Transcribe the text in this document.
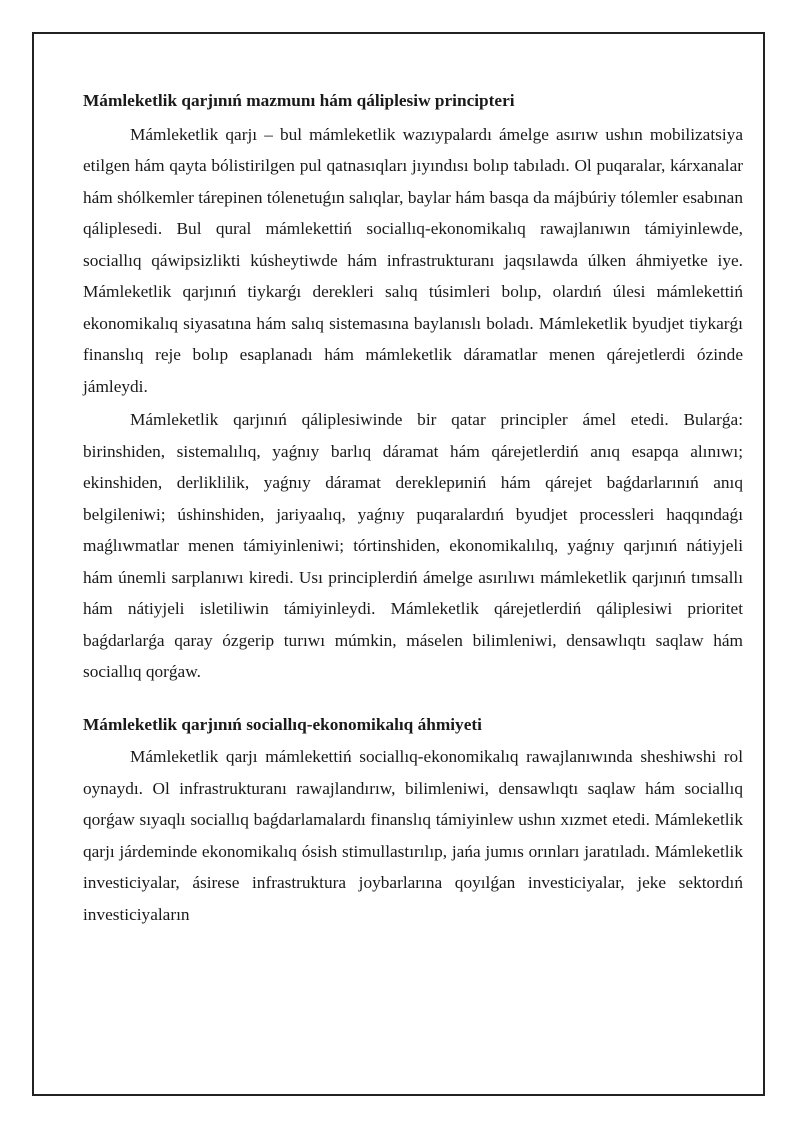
Mámleketlik qarjınıń mazmunı hám qáliplesiw principteri

Mámleketlik qarjı – bul mámleketlik wazıypalardı ámelge asırıw ushın mobilizatsiya etilgen hám qayta bólistirilgen pul qatnasıqları jıyındısı bolıp tabıladı. Ol puqaralar, kárxanalar hám shólkemler tárepinen tólenetuǵın salıqlar, baylar hám basqa da májbúriy tólemler esabınan qáliplesedi. Bul qural mámlekettiń sociallıq-ekonomikalıq rawajlanıwın támiyinlewde, sociallıq qáwipsizlikti kúsheytiwde hám infrastrukturanı jaqsılawda úlken áhmiyetke iye. Mámleketlik qarjınıń tiykarǵı derekleri salıq túsimleri bolıp, olardıń úlesi mámlekettiń ekonomikalıq siyasatına hám salıq sistemasına baylanıslı boladı. Mámleketlik byudjet tiykarǵı finanslıq reje bolıp esaplanadı hám mámleketlik dáramatlar menen qárejetlerdi ózinde jámleydi.

Mámleketlik qarjınıń qáliplesiwinde bir qatar principler ámel etedi. Bularǵa: birinshiden, sistemalılıq, yaǵnıy barlıq dáramat hám qárejetlerdiń anıq esapqa alınıwı; ekinshiden, derliklilik, yaǵnıy dáramat dereklериniń hám qárejet baǵdarlarınıń anıq belgileniwi; úshinshiden, jariyaalıq, yaǵnıy puqaralardıń byudjet processleri haqqındaǵı maǵlıwmatlar menen támiyinleniwi; tórtinshiden, ekonomikalılıq, yaǵnıy qarjınıń nátiyjeli hám únemli sarplanıwı kiredi. Usı principlerdiń ámelge asırılıwı mámleketlik qarjınıń tımsallı hám nátiyjeli isletiliwin támiyinleydi. Mámleketlik qárejetlerdiń qáliplesiwi prioritet baǵdarlarǵa qaray ózgerip turıwı múmkin, máselen bilimleniwi, densawlıqtı saqlaw hám sociallıq qorǵaw.

Mámleketlik qarjınıń sociallıq-ekonomikalıq áhmiyeti

Mámleketlik qarjı mámlekettiń sociallıq-ekonomikalıq rawajlanıwında sheshiwshi rol oynaydı. Ol infrastrukturanı rawajlandırıw, bilimleniwi, densawlıqtı saqlaw hám sociallıq qorǵaw sıyaqlı sociallıq baǵdarlamalardı finanslıq támiyinlew ushın xızmet etedi. Mámleketlik qarjı járdeminde ekonomikalıq ósish stimullastırılıp, jańa jumıs orınları jaratıladı. Mámleketlik investiciyalar, ásirese infrastruktura joybarlarına qoyılǵan investiciyalar, jeke sektordıń investiciyaların
